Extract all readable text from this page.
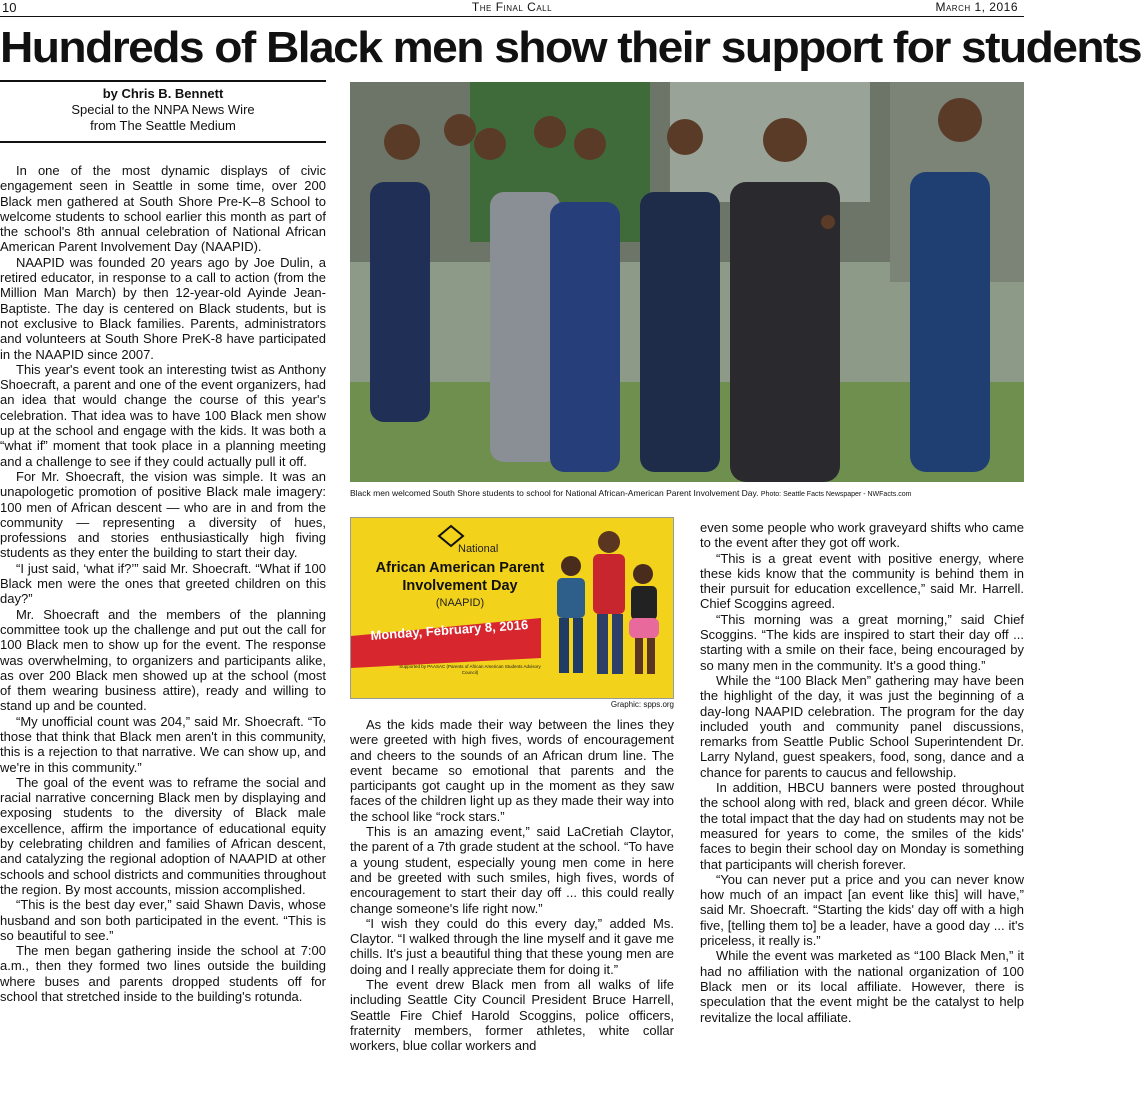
10	The Final Call	March 1, 2016
Hundreds of Black men show their support for students
by Chris B. Bennett
Special to the NNPA News Wire
from The Seattle Medium

In one of the most dynamic displays of civic engagement seen in Seattle in some time, over 200 Black men gathered at South Shore Pre-K–8 School to welcome students to school earlier this month as part of the school's 8th annual celebration of National African American Parent Involvement Day (NAAPID).

NAAPID was founded 20 years ago by Joe Dulin, a retired educator, in response to a call to action (from the Million Man March) by then 12-year-old Ayinde Jean-Baptiste. The day is centered on Black students, but is not exclusive to Black families. Parents, administrators and volunteers at South Shore PreK-8 have participated in the NAAPID since 2007.

This year's event took an interesting twist as Anthony Shoecraft, a parent and one of the event organizers, had an idea that would change the course of this year's celebration. That idea was to have 100 Black men show up at the school and engage with the kids. It was both a “what if” moment that took place in a planning meeting and a challenge to see if they could actually pull it off.

For Mr. Shoecraft, the vision was simple. It was an unapologetic promotion of positive Black male imagery: 100 men of African descent — who are in and from the community — representing a diversity of hues, professions and stories enthusiastically high fiving students as they enter the building to start their day.

“I just said, ‘what if?’” said Mr. Shoecraft. “What if 100 Black men were the ones that greeted children on this day?”

Mr. Shoecraft and the members of the planning committee took up the challenge and put out the call for 100 Black men to show up for the event. The response was overwhelming, to organizers and participants alike, as over 200 Black men showed up at the school (most of them wearing business attire), ready and willing to stand up and be counted.

“My unofficial count was 204,” said Mr. Shoecraft. “To those that think that Black men aren't in this community, this is a rejection to that narrative. We can show up, and we're in this community.”

The goal of the event was to reframe the social and racial narrative concerning Black men by displaying and exposing students to the diversity of Black male excellence, affirm the importance of educational equity by celebrating children and families of African descent, and catalyzing the regional adoption of NAAPID at other schools and school districts and communities throughout the region. By most accounts, mission accomplished.

“This is the best day ever,” said Shawn Davis, whose husband and son both participated in the event. “This is so beautiful to see.”

The men began gathering inside the school at 7:00 a.m., then they formed two lines outside the building where buses and parents dropped students off for school that stretched inside to the building's rotunda.

Black men welcomed South Shore students to school for National African-American Parent Involvement Day. Photo: Seattle Facts Newspaper - NWFacts.com
National
African American Parent
Involvement Day
(NAAPID)
Monday, February 8, 2016
Supported by PAASAC (Parents of African American Students Advisory Council)
Graphic: spps.org

As the kids made their way between the lines they were greeted with high fives, words of encouragement and cheers to the sounds of an African drum line. The event became so emotional that parents and the participants got caught up in the moment as they saw faces of the children light up as they made their way into the school like “rock stars.”

This is an amazing event,” said LaCretiah Claytor, the parent of a 7th grade student at the school. “To have a young student, especially young men come in here and be greeted with such smiles, high fives, words of encouragement to start their day off ... this could really change someone's life right now.”

“I wish they could do this every day,” added Ms. Claytor. “I walked through the line myself and it gave me chills. It's just a beautiful thing that these young men are doing and I really appreciate them for doing it.”

The event drew Black men from all walks of life including Seattle City Council President Bruce Harrell, Seattle Fire Chief Harold Scoggins, police officers, fraternity members, former athletes, white collar workers, blue collar workers and

even some people who work graveyard shifts who came to the event after they got off work.

“This is a great event with positive energy, where these kids know that the community is behind them in their pursuit for education excellence,” said Mr. Harrell. Chief Scoggins agreed.

“This morning was a great morning,” said Chief Scoggins. “The kids are inspired to start their day off ... starting with a smile on their face, being encouraged by so many men in the community. It's a good thing.”

While the “100 Black Men” gathering may have been the highlight of the day, it was just the beginning of a day-long NAAPID celebration. The program for the day included youth and community panel discussions, remarks from Seattle Public School Superintendent Dr. Larry Nyland, guest speakers, food, song, dance and a chance for parents to caucus and fellowship.

In addition, HBCU banners were posted throughout the school along with red, black and green décor. While the total impact that the day had on students may not be measured for years to come, the smiles of the kids' faces to begin their school day on Monday is something that participants will cherish forever.

“You can never put a price and you can never know how much of an impact [an event like this] will have,” said Mr. Shoecraft. “Starting the kids' day off with a high five, [telling them to] be a leader, have a good day ... it's priceless, it really is.”

While the event was marketed as “100 Black Men,” it had no affiliation with the national organization of 100 Black men or its local affiliate. However, there is speculation that the event might be the catalyst to help revitalize the local affiliate.
